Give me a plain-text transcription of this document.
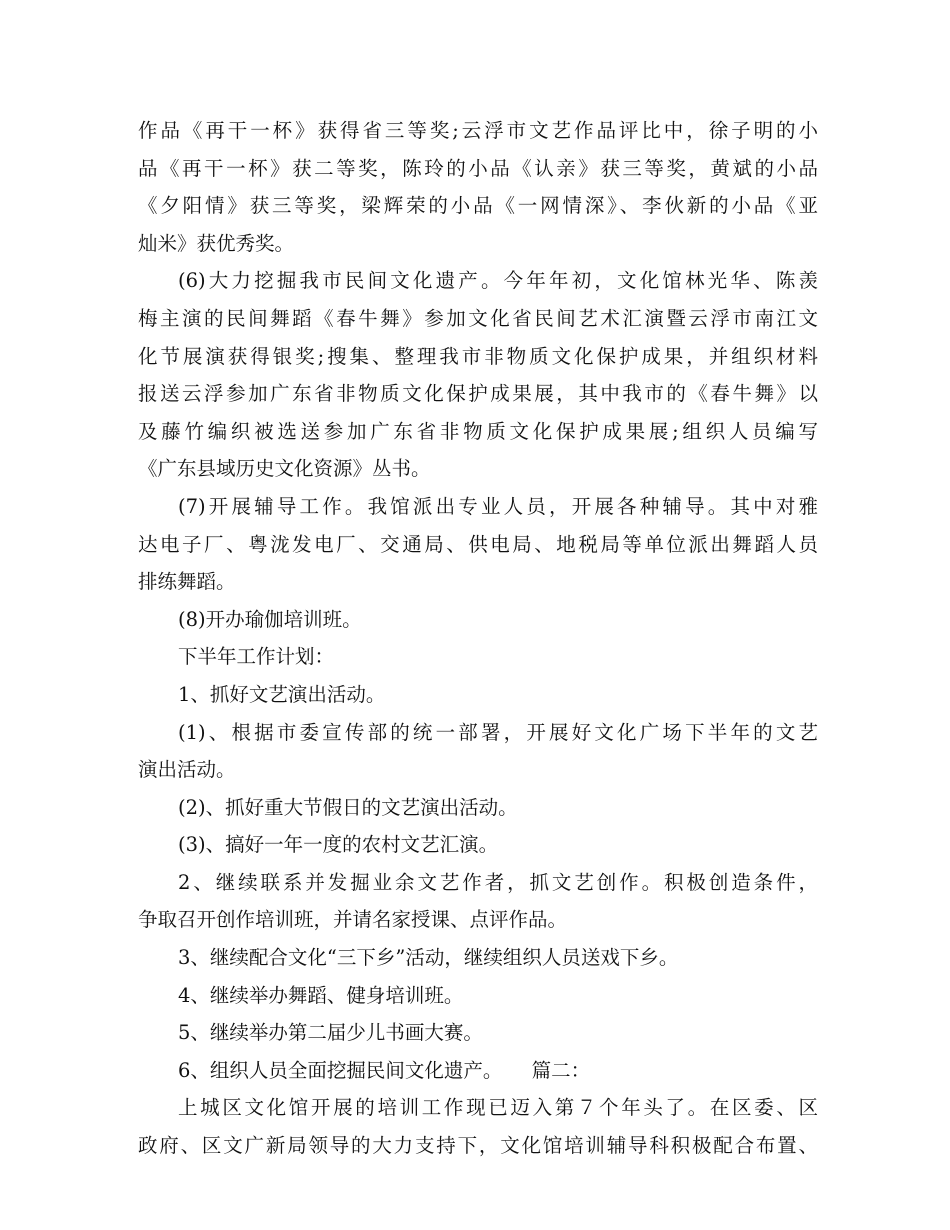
作品《再干一杯》获得省三等奖;云浮市文艺作品评比中，徐子明的小
品《再干一杯》获二等奖，陈玲的小品《认亲》获三等奖，黄斌的小品
《夕阳情》获三等奖，梁辉荣的小品《一网情深》、李伙新的小品《亚
灿米》获优秀奖。
(6)大力挖掘我市民间文化遗产。今年年初，文化馆林光华、陈羡
梅主演的民间舞蹈《春牛舞》参加文化省民间艺术汇演暨云浮市南江文
化节展演获得银奖;搜集、整理我市非物质文化保护成果，并组织材料
报送云浮参加广东省非物质文化保护成果展，其中我市的《春牛舞》以
及藤竹编织被选送参加广东省非物质文化保护成果展;组织人员编写
《广东县域历史文化资源》丛书。
(7)开展辅导工作。我馆派出专业人员，开展各种辅导。其中对雅
达电子厂、粤泷发电厂、交通局、供电局、地税局等单位派出舞蹈人员
排练舞蹈。
(8)开办瑜伽培训班。
下半年工作计划：
1、抓好文艺演出活动。
(1)、根据市委宣传部的统一部署，开展好文化广场下半年的文艺
演出活动。
(2)、抓好重大节假日的文艺演出活动。
(3)、搞好一年一度的农村文艺汇演。
2、继续联系并发掘业余文艺作者，抓文艺创作。积极创造条件，
争取召开创作培训班，并请名家授课、点评作品。
3、继续配合文化“三下乡”活动，继续组织人员送戏下乡。
4、继续举办舞蹈、健身培训班。
5、继续举办第二届少儿书画大赛。
6、组织人员全面挖掘民间文化遗产。　　篇二：
上城区文化馆开展的培训工作现已迈入第７个年头了。在区委、区
政府、区文广新局领导的大力支持下，文化馆培训辅导科积极配合布置、
